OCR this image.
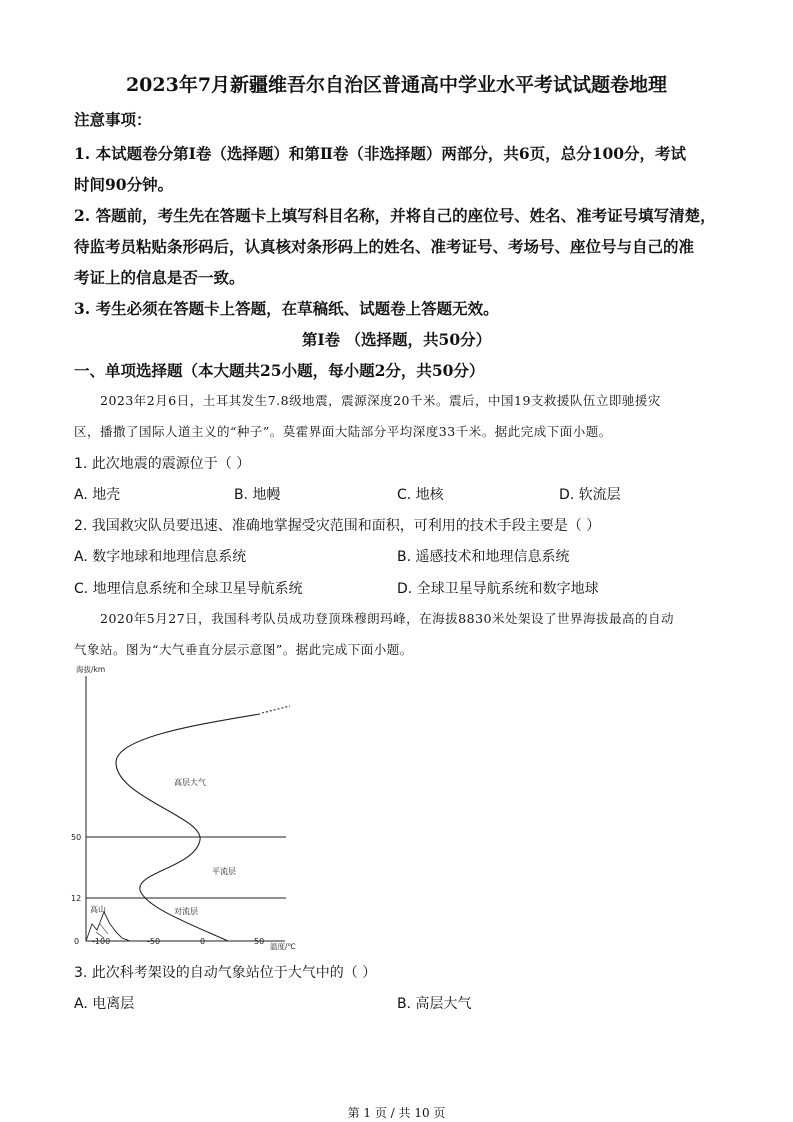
2023年7月新疆维吾尔自治区普通高中学业水平考试试题卷地理
注意事项：
1. 本试题卷分第Ⅰ卷（选择题）和第Ⅱ卷（非选择题）两部分，共6页，总分100分，考试
时间90分钟。
2. 答题前，考生先在答题卡上填写科目名称，并将自己的座位号、姓名、准考证号填写清楚，
待监考员粘贴条形码后，认真核对条形码上的姓名、准考证号、考场号、座位号与自己的准
考证上的信息是否一致。
3. 考生必须在答题卡上答题，在草稿纸、试题卷上答题无效。
第Ⅰ卷 （选择题，共50分）
一、单项选择题（本大题共25小题，每小题2分，共50分）
2023年2月6日，土耳其发生7.8级地震，震源深度20千米。震后，中国19支救援队伍立即驰援灾
区，播撒了国际人道主义的“种子”。莫霍界面大陆部分平均深度33千米。据此完成下面小题。
1. 此次地震的震源位于（ ）
A. 地壳	B. 地幔	C. 地核	D. 软流层
2. 我国救灾队员要迅速、准确地掌握受灾范围和面积，可利用的技术手段主要是（ ）
A. 数字地球和地理信息系统	B. 遥感技术和地理信息系统
C. 地理信息系统和全球卫星导航系统	D. 全球卫星导航系统和数字地球
2020年5月27日，我国科考队员成功登顶珠穆朗玛峰，在海拔8830米处架设了世界海拔最高的自动
气象站。图为“大气垂直分层示意图”。据此完成下面小题。
海拔/km
温度/℃
0
12
50
-100	-50	0	50
高山	对流层
平流层
高层大气
3. 此次科考架设的自动气象站位于大气中的（ ）
A. 电离层	B. 高层大气
第 1 页 / 共 10 页
